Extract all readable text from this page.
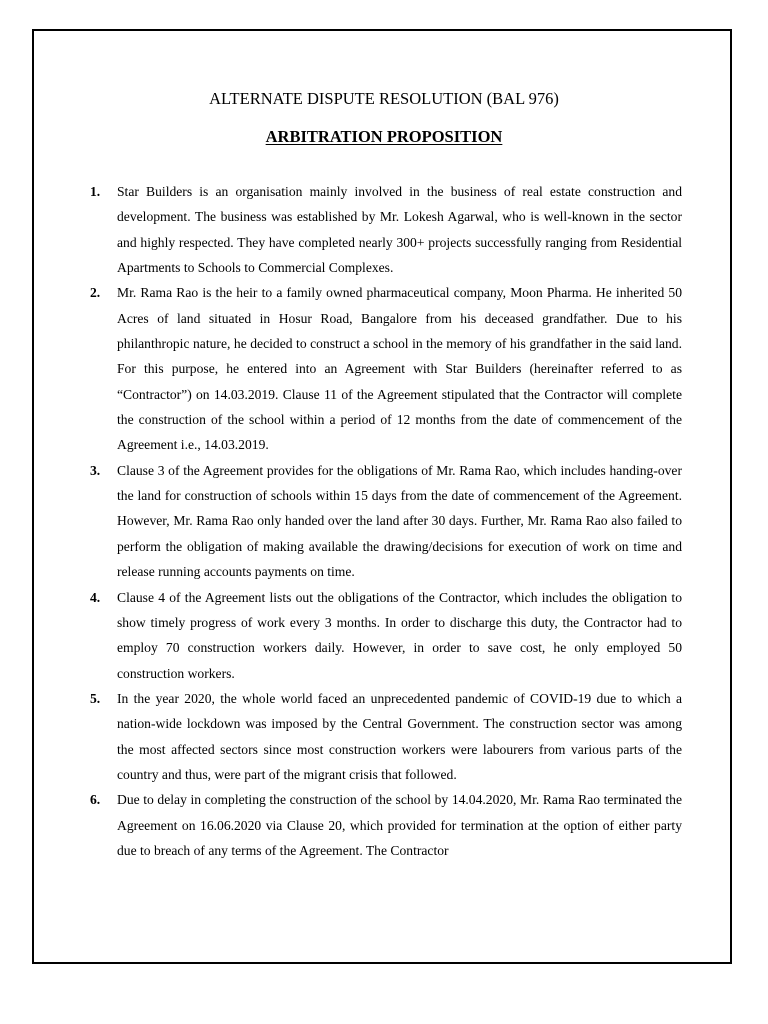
ALTERNATE DISPUTE RESOLUTION (BAL 976)
ARBITRATION PROPOSITION
1. Star Builders is an organisation mainly involved in the business of real estate construction and development. The business was established by Mr. Lokesh Agarwal, who is well-known in the sector and highly respected. They have completed nearly 300+ projects successfully ranging from Residential Apartments to Schools to Commercial Complexes.
2. Mr. Rama Rao is the heir to a family owned pharmaceutical company, Moon Pharma. He inherited 50 Acres of land situated in Hosur Road, Bangalore from his deceased grandfather. Due to his philanthropic nature, he decided to construct a school in the memory of his grandfather in the said land. For this purpose, he entered into an Agreement with Star Builders (hereinafter referred to as “Contractor”) on 14.03.2019. Clause 11 of the Agreement stipulated that the Contractor will complete the construction of the school within a period of 12 months from the date of commencement of the Agreement i.e., 14.03.2019.
3. Clause 3 of the Agreement provides for the obligations of Mr. Rama Rao, which includes handing-over the land for construction of schools within 15 days from the date of commencement of the Agreement. However, Mr. Rama Rao only handed over the land after 30 days. Further, Mr. Rama Rao also failed to perform the obligation of making available the drawing/decisions for execution of work on time and release running accounts payments on time.
4. Clause 4 of the Agreement lists out the obligations of the Contractor, which includes the obligation to show timely progress of work every 3 months. In order to discharge this duty, the Contractor had to employ 70 construction workers daily. However, in order to save cost, he only employed 50 construction workers.
5. In the year 2020, the whole world faced an unprecedented pandemic of COVID-19 due to which a nation-wide lockdown was imposed by the Central Government. The construction sector was among the most affected sectors since most construction workers were labourers from various parts of the country and thus, were part of the migrant crisis that followed.
6. Due to delay in completing the construction of the school by 14.04.2020, Mr. Rama Rao terminated the Agreement on 16.06.2020 via Clause 20, which provided for termination at the option of either party due to breach of any terms of the Agreement. The Contractor
